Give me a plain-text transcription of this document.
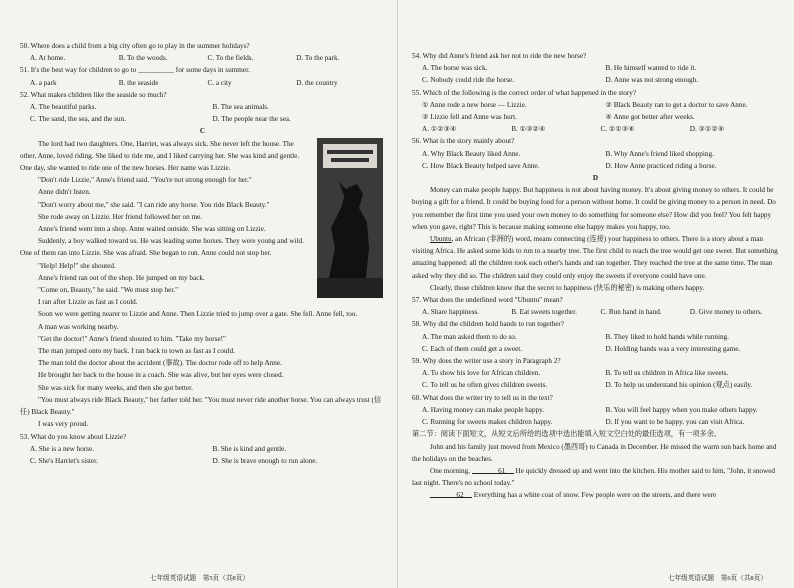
50. Where does a child from a big city often go to play in the summer holidays?

A. At home.	B. To the woods.	C. To the fields.	D. To the park.

51. It's the best way for children to go to __________ for some days in summer.

A. a park	B. the seaside	C. a city	D. the country

52. What makes children like the seaside so much?

A. The beautiful parks.	B. The sea animals.

C. The sand, the sea, and the sun.	D. The people near the sea.

C

The lord had two daughters. One, Harriet, was always sick. She never left the house. The other, Anne, loved riding. She liked to ride me, and I liked carrying her. She was kind and gentle. One day, she wanted to ride one of the new horses. Her name was Lizzie.

"Don't ride Lizzie," Anne's friend said. "You're not strong enough for her."

Anne didn't listen.

"Don't worry about me," she said. "I can ride any horse. You ride Black Beauty."

She rode away on Lizzie. Her friend followed her on me.

Anne's friend went into a shop. Anne waited outside. She was sitting on Lizzie.

Suddenly, a boy walked toward us. He was leading some horses. They were young and wild. One of them ran into Lizzie. She was afraid. She began to run. Anne could not stop her.

"Help! Help!" she shouted.

Anne's friend ran out of the shop. He jumped on my back.

"Come on, Beauty," he said. "We must stop her."

I ran after Lizzie as fast as I could.

Soon we were getting nearer to Lizzie and Anne. Then Lizzie tried to jump over a gate. She fell. Anne fell, too.

A man was working nearby.

"Get the doctor!" Anne's friend shouted to him. "Take my horse!"

The man jumped onto my back. I ran back to town as fast as I could.

The man told the doctor about the accident (事故). The doctor rode off to help Anne.

He brought her back to the house in a coach. She was alive, but her eyes were closed.

She was sick for many weeks, and then she got better.

"You must always ride Black Beauty," her father told her. "You must never ride another horse. You can always trust (信任) Black Beauty."

I was very proud.

53. What do you know about Lizzie?

A. She is a new horse.	B. She is kind and gentle.

C. She's Harriet's sister.	D. She is brave enough to run alone.

七年级英语试题　第5页（共8页）

54. Why did Anne's friend ask her not to ride the new horse?

A. The horse was sick.	B. He himself wanted to ride it.

C. Nobody could ride the horse.	D. Anne was not strong enough.

55. Which of the following is the correct order of what happened in the story?

① Anne rode a new horse — Lizzie.	② Black Beauty ran to get a doctor to save Anne.

③ Lizzie fell and Anne was hurt.	④ Anne got better after weeks.

A. ①②③④	B. ①③②④	C. ②①③④	D. ③①②④

56. What is the story mainly about?

A. Why Black Beauty liked Anne.	B. Why Anne's friend liked shopping.

C. How Black Beauty helped save Anne.	D. How Anne practiced riding a horse.

D

Money can make people happy. But happiness is not about having money. It's about giving money to others. It could be buying a gift for a friend. It could be buying food for a person without home. It could be giving money to a person in need. Do you remember the first time you used your own money to do something for someone else? How did you feel? You felt happy when you gave, right? This is because making someone else happy makes you happy, too.

Ubuntu, an African (非洲的) word, means connecting (连接) your happiness to others. There is a story about a man visiting Africa. He asked some kids to run to a nearby tree. The first child to reach the tree would get one sweet. But something amazing happened: all the children took each other's hands and ran together. They reached the tree at the same time. The man asked why they did so. The children said they could only enjoy the sweets if everyone could have one.

Clearly, those children know that the secret to happiness (快乐的秘密) is making others happy.

57. What does the underlined word "Ubuntu" mean?

A. Share happiness.	B. Eat sweets together.	C. Run hand in hand.	D. Give money to others.

58. Why did the children hold hands to run together?

A. The man asked them to do so.	B. They liked to hold hands while running.

C. Each of them could get a sweet.	D. Holding hands was a very interesting game.

59. Why does the writer use a story in Paragraph 2?

A. To show his love for African children.	B. To tell us children in Africa like sweets.

C. To tell us he often gives children sweets.	D. To help us understand his opinion (观点) easily.

60. What does the writer try to tell us in the text?

A. Having money can make people happy.	B. You will feel happy when you make others happy.

C. Running for sweets makes children happy.	D. If you want to be happy, you can visit Africa.

第二节：阅读下面短文，从短文后所给的选项中选出能填入短文空白处的最佳选项，有一项多余。

John and his family just moved from Mexico (墨西哥) to Canada in December. He missed the warm sun back home and the holidays on the beaches.

One morning,	61 He quickly dressed up and went into the kitchen. His mother said to him, "John, it snowed last night. There's no school today."

62 Everything has a white coat of snow. Few people were on the streets, and there were

七年级英语试题　第6页（共8页）
